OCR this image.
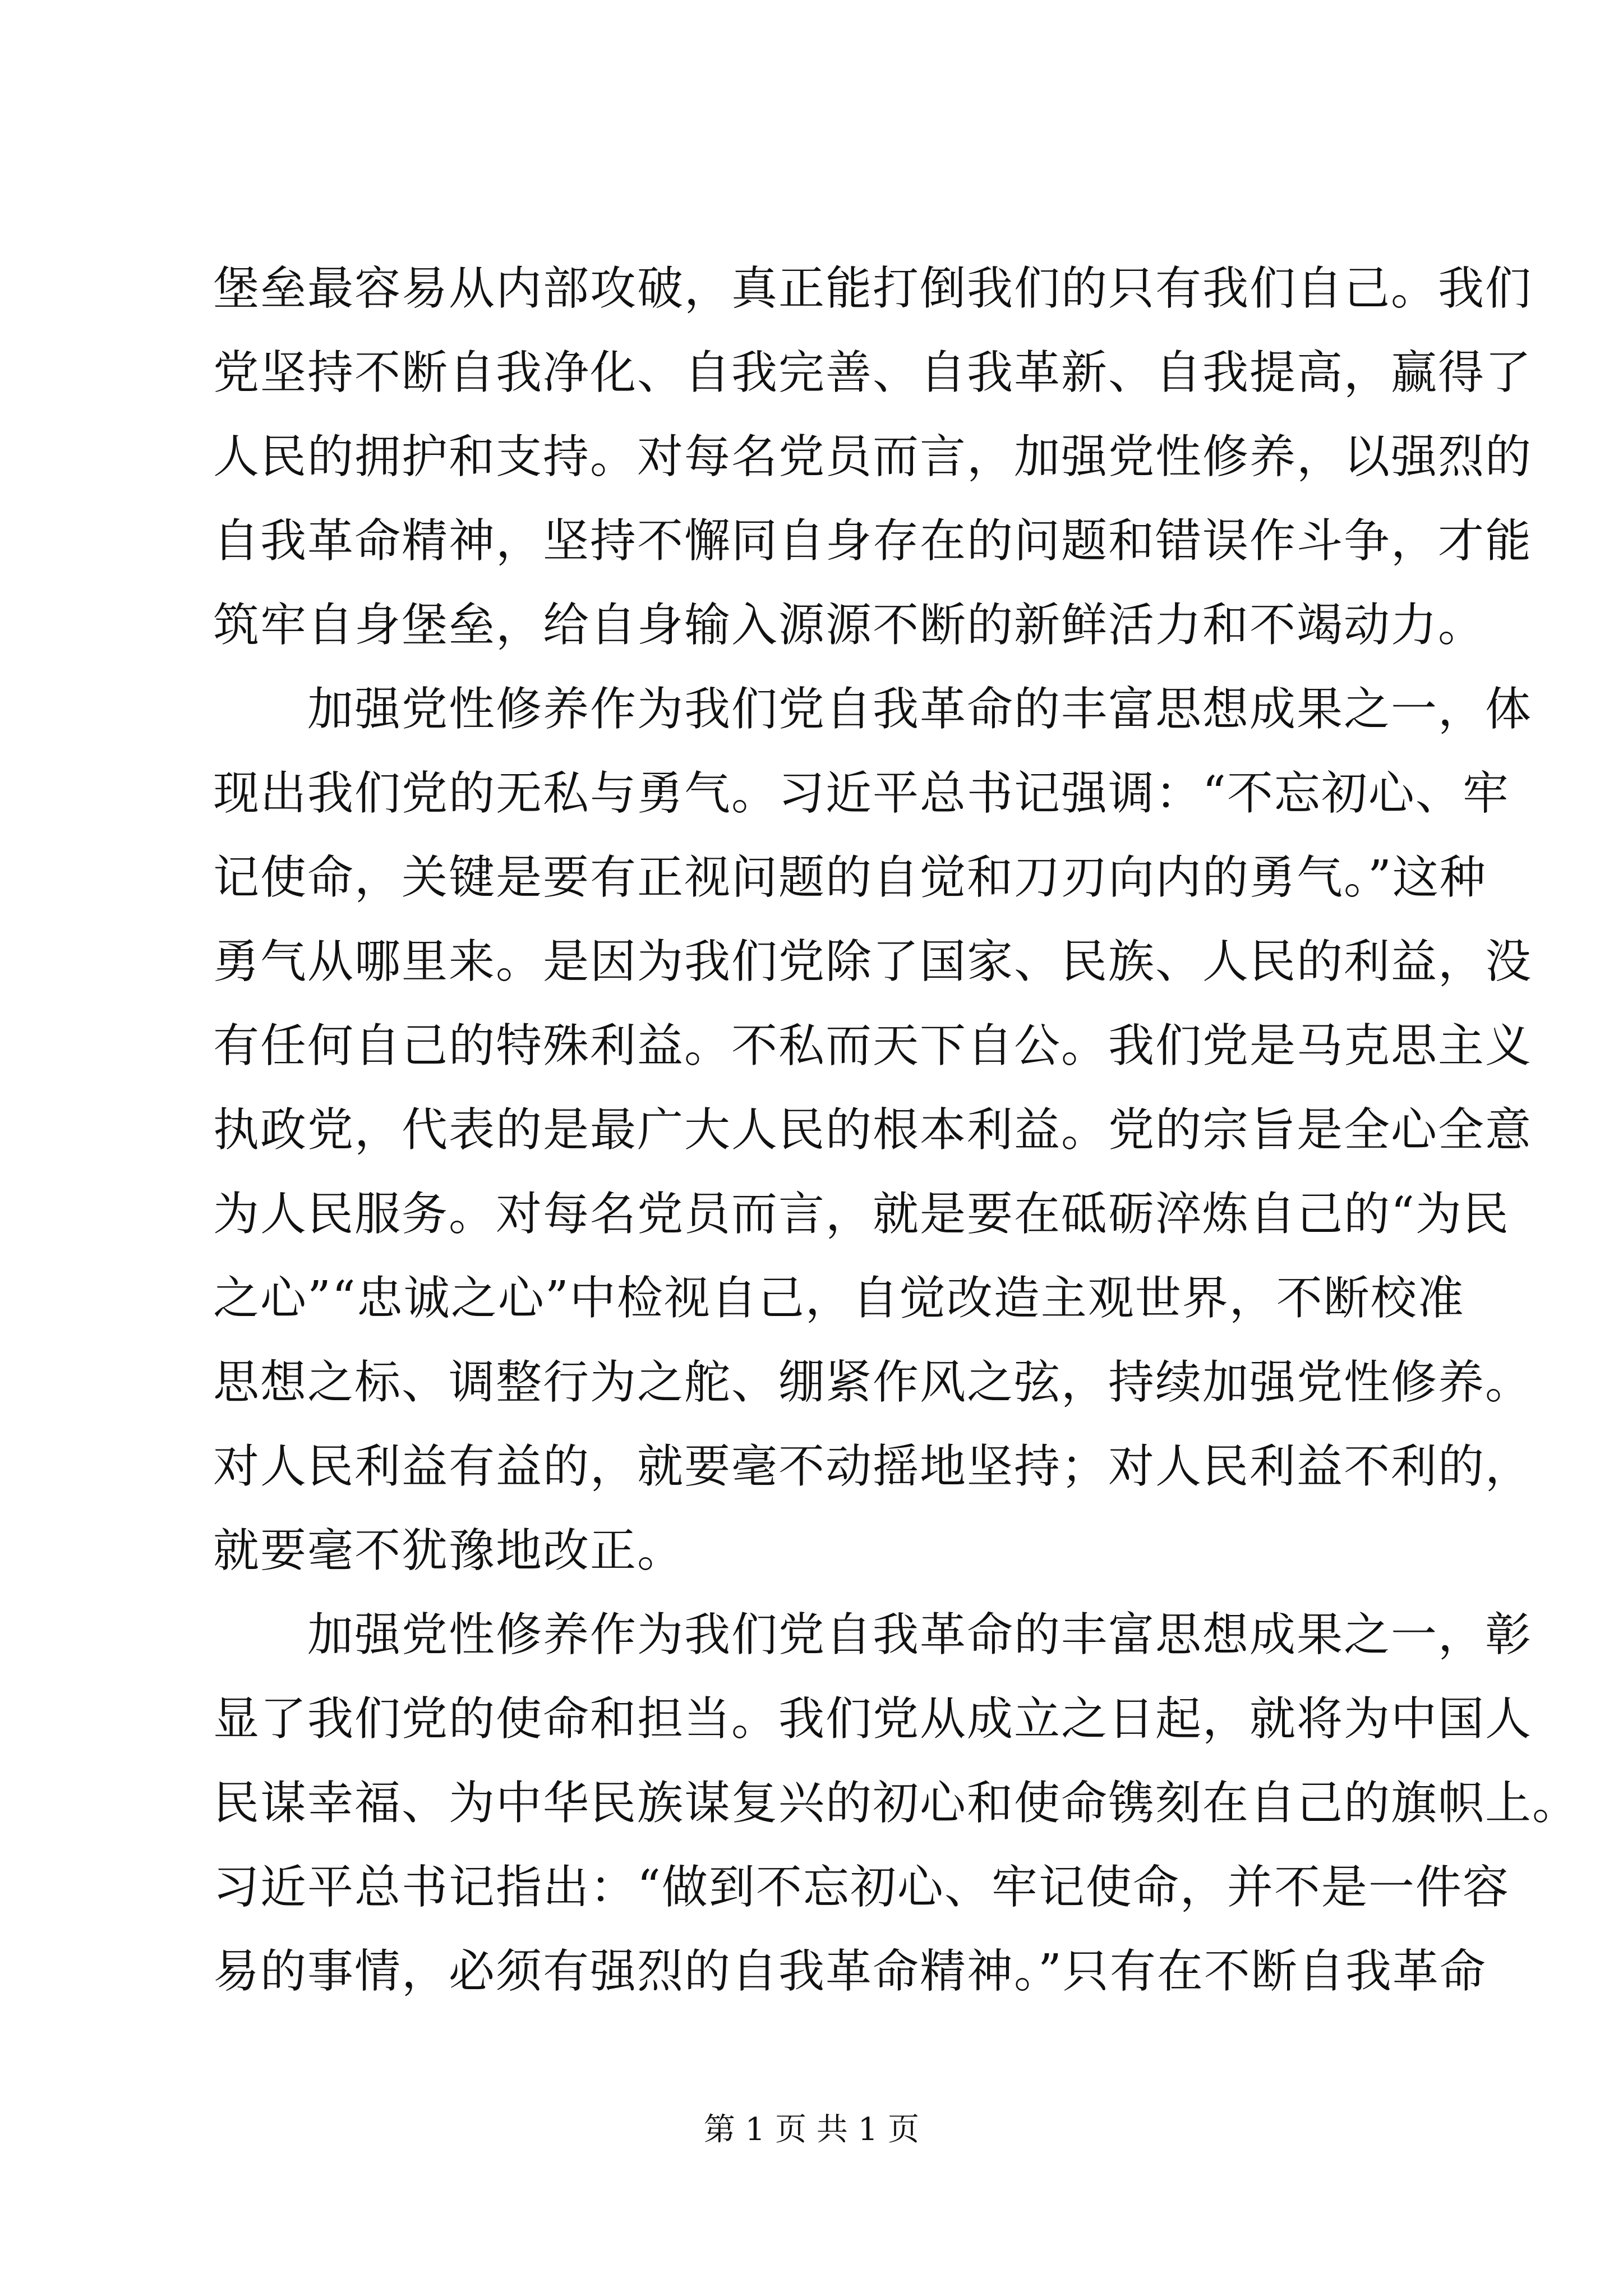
堡垒最容易从内部攻破，真正能打倒我们的只有我们自己。我们
党坚持不断自我净化、自我完善、自我革新、自我提高，赢得了
人民的拥护和支持。对每名党员而言，加强党性修养，以强烈的
自我革命精神，坚持不懈同自身存在的问题和错误作斗争，才能
筑牢自身堡垒，给自身输入源源不断的新鲜活力和不竭动力。
　　加强党性修养作为我们党自我革命的丰富思想成果之一，体
现出我们党的无私与勇气。习近平总书记强调：“不忘初心、牢
记使命，关键是要有正视问题的自觉和刀刃向内的勇气。”这种
勇气从哪里来。是因为我们党除了国家、民族、人民的利益，没
有任何自己的特殊利益。不私而天下自公。我们党是马克思主义
执政党，代表的是最广大人民的根本利益。党的宗旨是全心全意
为人民服务。对每名党员而言，就是要在砥砺淬炼自己的“为民
之心”“忠诚之心”中检视自己，自觉改造主观世界，不断校准
思想之标、调整行为之舵、绷紧作风之弦，持续加强党性修养。
对人民利益有益的，就要毫不动摇地坚持；对人民利益不利的，
就要毫不犹豫地改正。
　　加强党性修养作为我们党自我革命的丰富思想成果之一，彰
显了我们党的使命和担当。我们党从成立之日起，就将为中国人
民谋幸福、为中华民族谋复兴的初心和使命镌刻在自己的旗帜上。
习近平总书记指出：“做到不忘初心、牢记使命，并不是一件容
易的事情，必须有强烈的自我革命精神。”只有在不断自我革命
第 1 页 共 1 页
